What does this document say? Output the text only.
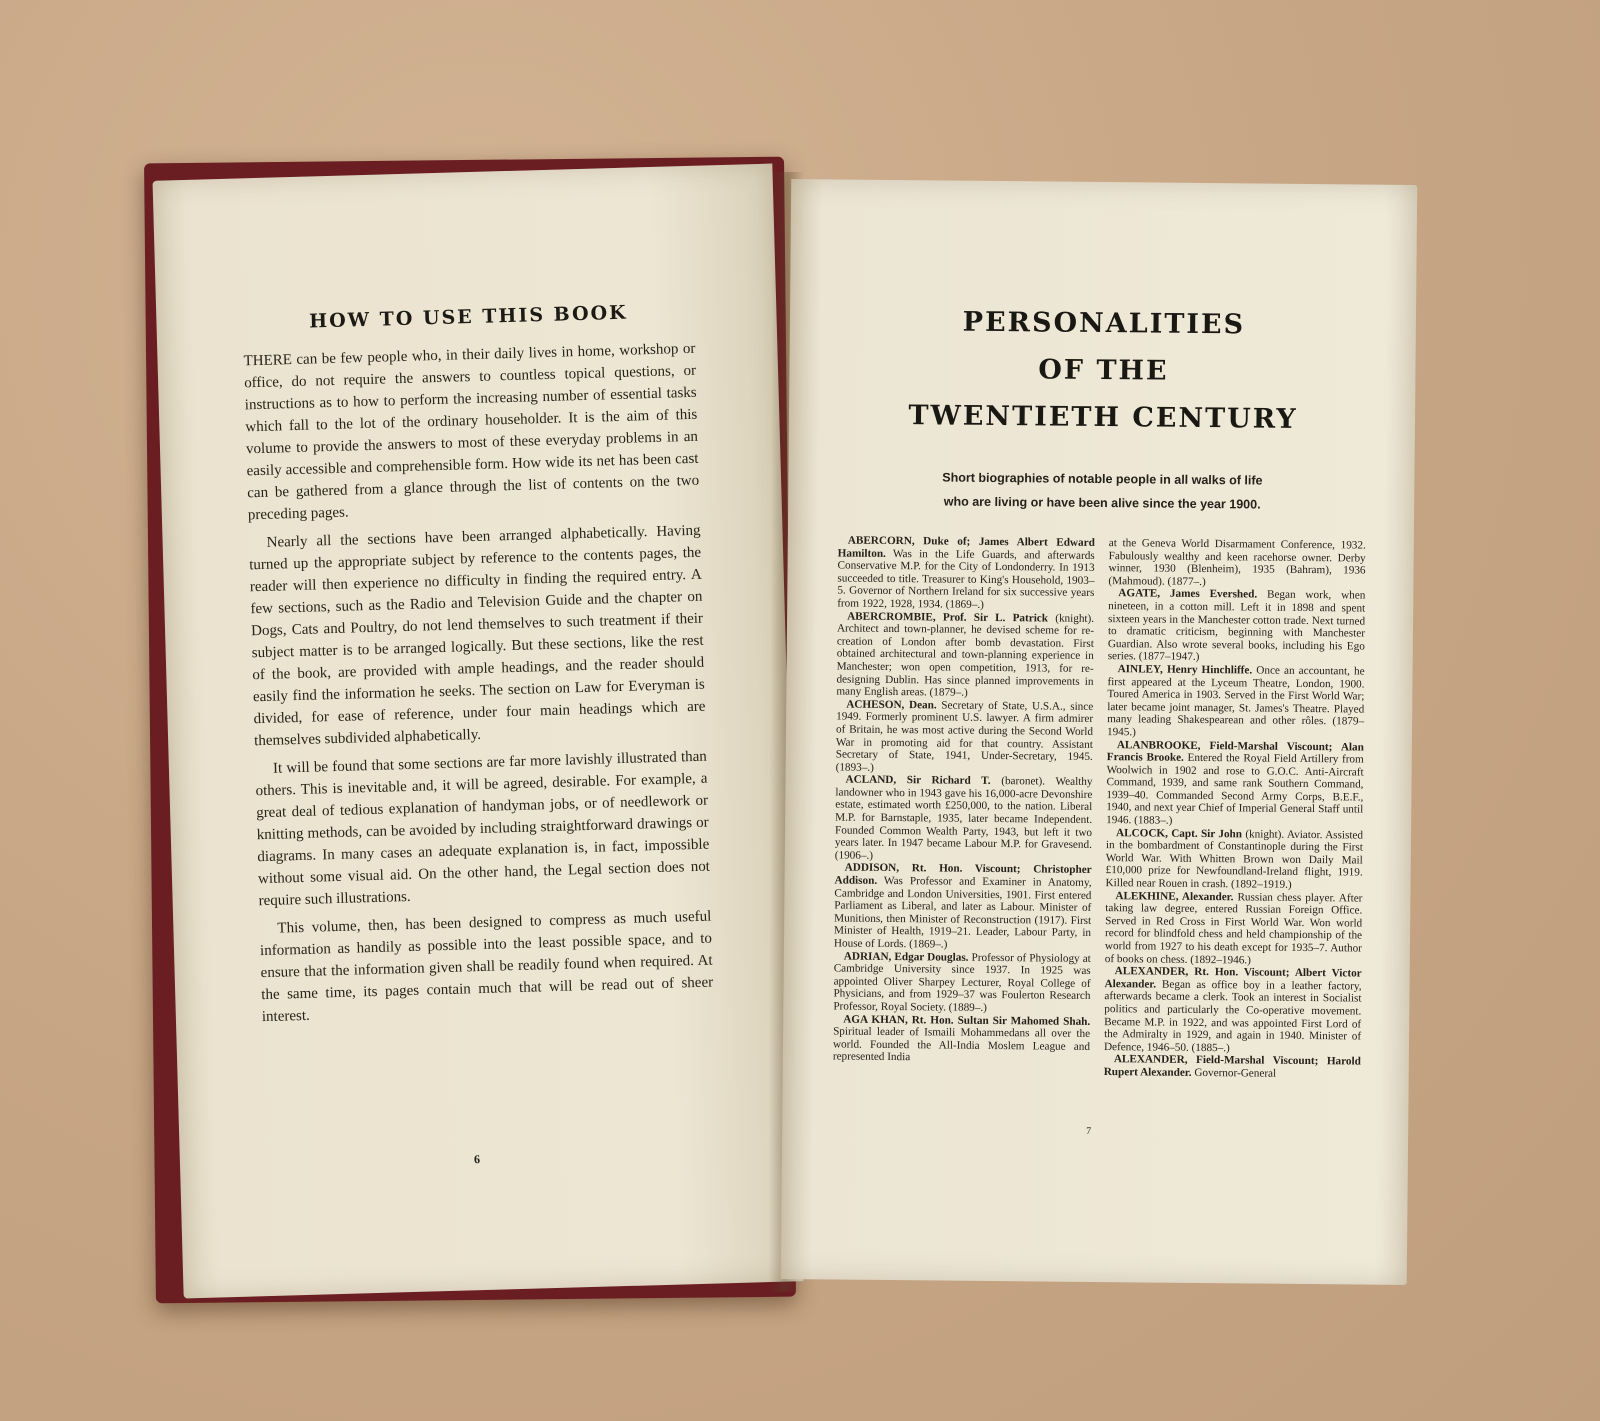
HOW TO USE THIS BOOK

THERE can be few people who, in their daily lives in home, workshop or office, do not require the answers to countless topical questions, or instructions as to how to perform the increasing number of essential tasks which fall to the lot of the ordinary householder. It is the aim of this volume to provide the answers to most of these everyday problems in an easily accessible and comprehensible form. How wide its net has been cast can be gathered from a glance through the list of contents on the two preceding pages.

Nearly all the sections have been arranged alphabetically. Having turned up the appropriate subject by reference to the contents pages, the reader will then experience no difficulty in finding the required entry. A few sections, such as the Radio and Television Guide and the chapter on Dogs, Cats and Poultry, do not lend themselves to such treatment if their subject matter is to be arranged logically. But these sections, like the rest of the book, are provided with ample headings, and the reader should easily find the information he seeks. The section on Law for Everyman is divided, for ease of reference, under four main headings which are themselves subdivided alphabetically.

It will be found that some sections are far more lavishly illustrated than others. This is inevitable and, it will be agreed, desirable. For example, a great deal of tedious explanation of handyman jobs, or of needlework or knitting methods, can be avoided by including straightforward drawings or diagrams. In many cases an adequate explanation is, in fact, impossible without some visual aid. On the other hand, the Legal section does not require such illustrations.

This volume, then, has been designed to compress as much useful information as handily as possible into the least possible space, and to ensure that the information given shall be readily found when required. At the same time, its pages contain much that will be read out of sheer interest.

6

PERSONALITIES

OF THE

TWENTIETH CENTURY

Short biographies of notable people in all walks of life
who are living or have been alive since the year 1900.

ABERCORN, Duke of; James Albert Edward Hamilton. Was in the Life Guards, and afterwards Conservative M.P. for the City of Londonderry. In 1913 succeeded to title. Treasurer to King's Household, 1903–5. Governor of Northern Ireland for six successive years from 1922, 1928, 1934. (1869–.)

ABERCROMBIE, Prof. Sir L. Patrick (knight). Architect and town-planner, he devised scheme for re-creation of London after bomb devastation. First obtained architectural and town-planning experience in Manchester; won open competition, 1913, for re-designing Dublin. Has since planned improvements in many English areas. (1879–.)

ACHESON, Dean. Secretary of State, U.S.A., since 1949. Formerly prominent U.S. lawyer. A firm admirer of Britain, he was most active during the Second World War in promoting aid for that country. Assistant Secretary of State, 1941, Under-Secretary, 1945. (1893–.)

ACLAND, Sir Richard T. (baronet). Wealthy landowner who in 1943 gave his 16,000-acre Devonshire estate, estimated worth £250,000, to the nation. Liberal M.P. for Barnstaple, 1935, later became Independent. Founded Common Wealth Party, 1943, but left it two years later. In 1947 became Labour M.P. for Gravesend. (1906–.)

ADDISON, Rt. Hon. Viscount; Christopher Addison. Was Professor and Examiner in Anatomy, Cambridge and London Universities, 1901. First entered Parliament as Liberal, and later as Labour. Minister of Munitions, then Minister of Reconstruction (1917). First Minister of Health, 1919–21. Leader, Labour Party, in House of Lords. (1869–.)

ADRIAN, Edgar Douglas. Professor of Physiology at Cambridge University since 1937. In 1925 was appointed Oliver Sharpey Lecturer, Royal College of Physicians, and from 1929–37 was Foulerton Research Professor, Royal Society. (1889–.)

AGA KHAN, Rt. Hon. Sultan Sir Mahomed Shah. Spiritual leader of Ismaili Mohammedans all over the world. Founded the All-India Moslem League and represented India

at the Geneva World Disarmament Conference, 1932. Fabulously wealthy and keen racehorse owner. Derby winner, 1930 (Blenheim), 1935 (Bahram), 1936 (Mahmoud). (1877–.)

AGATE, James Evershed. Began work, when nineteen, in a cotton mill. Left it in 1898 and spent sixteen years in the Manchester cotton trade. Next turned to dramatic criticism, beginning with Manchester Guardian. Also wrote several books, including his Ego series. (1877–1947.)

AINLEY, Henry Hinchliffe. Once an accountant, he first appeared at the Lyceum Theatre, London, 1900. Toured America in 1903. Served in the First World War; later became joint manager, St. James's Theatre. Played many leading Shakespearean and other rôles. (1879–1945.)

ALANBROOKE, Field-Marshal Viscount; Alan Francis Brooke. Entered the Royal Field Artillery from Woolwich in 1902 and rose to G.O.C. Anti-Aircraft Command, 1939, and same rank Southern Command, 1939–40. Commanded Second Army Corps, B.E.F., 1940, and next year Chief of Imperial General Staff until 1946. (1883–.)

ALCOCK, Capt. Sir John (knight). Aviator. Assisted in the bombardment of Constantinople during the First World War. With Whitten Brown won Daily Mail £10,000 prize for Newfoundland-Ireland flight, 1919. Killed near Rouen in crash. (1892–1919.)

ALEKHINE, Alexander. Russian chess player. After taking law degree, entered Russian Foreign Office. Served in Red Cross in First World War. Won world record for blindfold chess and held championship of the world from 1927 to his death except for 1935–7. Author of books on chess. (1892–1946.)

ALEXANDER, Rt. Hon. Viscount; Albert Victor Alexander. Began as office boy in a leather factory, afterwards became a clerk. Took an interest in Socialist politics and particularly the Co-operative movement. Became M.P. in 1922, and was appointed First Lord of the Admiralty in 1929, and again in 1940. Minister of Defence, 1946–50. (1885–.)

ALEXANDER, Field-Marshal Viscount; Harold Rupert Alexander. Governor-General

7
